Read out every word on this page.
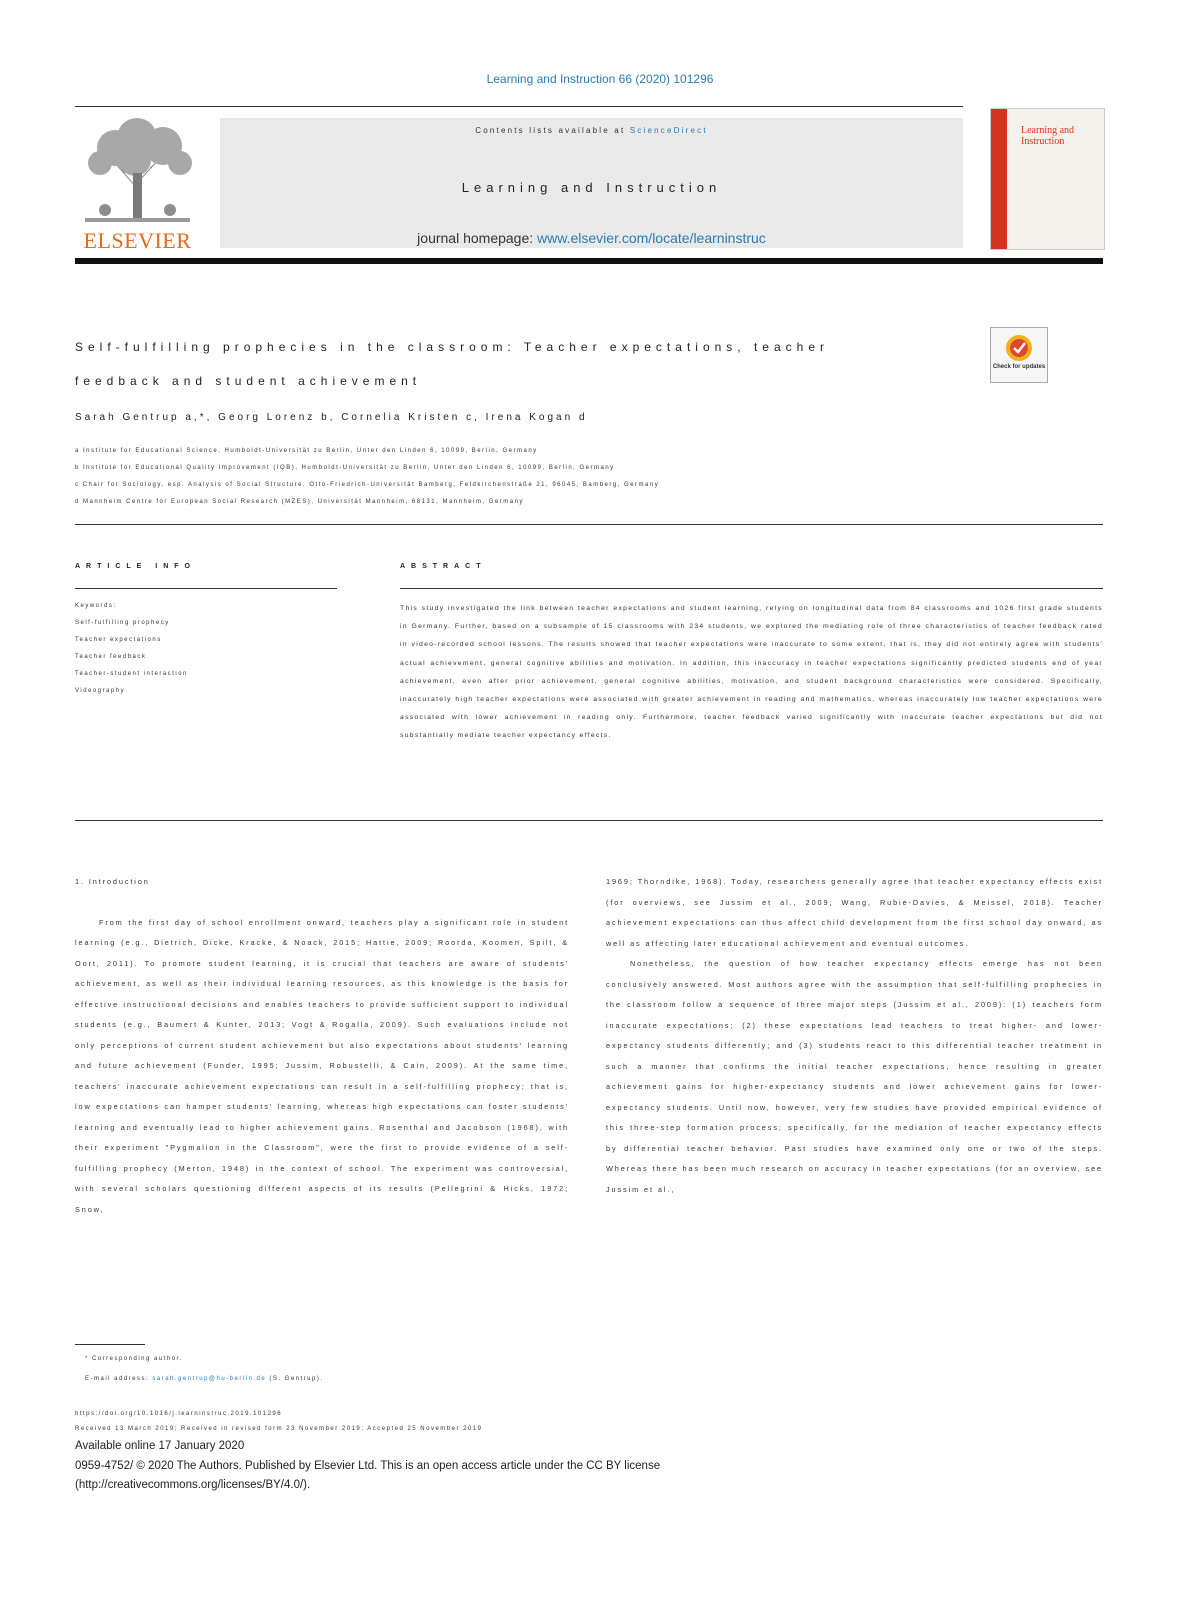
Learning and Instruction 66 (2020) 101296
ELSEVIER
Contents lists available at ScienceDirect
Learning and Instruction
journal homepage: www.elsevier.com/locate/learninstruc
Learning and Instruction
Self-fulfilling prophecies in the classroom: Teacher expectations, teacher
feedback and student achievement
Check for updates
Sarah Gentrup a,*, Georg Lorenz b, Cornelia Kristen c, Irena Kogan d
a Institute for Educational Science, Humboldt-Universität zu Berlin, Unter den Linden 6, 10099, Berlin, Germany
b Institute for Educational Quality Improvement (IQB), Humboldt-Universität zu Berlin, Unter den Linden 6, 10099, Berlin, Germany
c Chair for Sociology, esp. Analysis of Social Structure, Otto-Friedrich-Universität Bamberg, Feldkirchenstraße 21, 96045, Bamberg, Germany
d Mannheim Centre for European Social Research (MZES), Universität Mannheim, 68131, Mannheim, Germany
ARTICLE INFO
Keywords:
Self-fulfilling prophecy
Teacher expectations
Teacher feedback
Teacher-student interaction
Videography
ABSTRACT
This study investigated the link between teacher expectations and student learning, relying on longitudinal data from 84 classrooms and 1026 first grade students in Germany. Further, based on a subsample of 15 classrooms with 234 students, we explored the mediating role of three characteristics of teacher feedback rated in video-recorded school lessons. The results showed that teacher expectations were inaccurate to some extent, that is, they did not entirely agree with students' actual achievement, general cognitive abilities and motivation. In addition, this inaccuracy in teacher expectations significantly predicted students end of year achievement, even after prior achievement, general cognitive abilities, motivation, and student background characteristics were considered. Specifically, inaccurately high teacher expectations were associated with greater achievement in reading and mathematics, whereas inaccurately low teacher expectations were associated with lower achievement in reading only. Furthermore, teacher feedback varied significantly with inaccurate teacher expectations but did not substantially mediate teacher expectancy effects.

1. Introduction

From the first day of school enrollment onward, teachers play a significant role in student learning (e.g., Dietrich, Dicke, Kracke, & Noack, 2015; Hattie, 2009; Roorda, Koomen, Spilt, & Oort, 2011). To promote student learning, it is crucial that teachers are aware of students' achievement, as well as their individual learning resources, as this knowledge is the basis for effective instructional decisions and enables teachers to provide sufficient support to individual students (e.g., Baumert & Kunter, 2013; Vogt & Rogalla, 2009). Such evaluations include not only perceptions of current student achievement but also expectations about students' learning and future achievement (Funder, 1995; Jussim, Robustelli, & Cain, 2009). At the same time, teachers' inaccurate achievement expectations can result in a self-fulfilling prophecy; that is, low expectations can hamper students' learning, whereas high expectations can foster students' learning and eventually lead to higher achievement gains. Rosenthal and Jacobson (1968), with their experiment "Pygmalion in the Classroom", were the first to provide evidence of a self-fulfilling prophecy (Merton, 1948) in the context of school. The experiment was controversial, with several scholars questioning different aspects of its results (Pellegrini & Hicks, 1972; Snow,

1969; Thorndike, 1968). Today, researchers generally agree that teacher expectancy effects exist (for overviews, see Jussim et al., 2009; Wang, Rubie-Davies, & Meissel, 2018). Teacher achievement expectations can thus affect child development from the first school day onward, as well as affecting later educational achievement and eventual outcomes.

Nonetheless, the question of how teacher expectancy effects emerge has not been conclusively answered. Most authors agree with the assumption that self-fulfilling prophecies in the classroom follow a sequence of three major steps (Jussim et al., 2009): (1) teachers form inaccurate expectations; (2) these expectations lead teachers to treat higher- and lower-expectancy students differently; and (3) students react to this differential teacher treatment in such a manner that confirms the initial teacher expectations, hence resulting in greater achievement gains for higher-expectancy students and lower achievement gains for lower-expectancy students. Until now, however, very few studies have provided empirical evidence of this three-step formation process; specifically, for the mediation of teacher expectancy effects by differential teacher behavior. Past studies have examined only one or two of the steps. Whereas there has been much research on accuracy in teacher expectations (for an overview, see Jussim et al.,

* Corresponding author.
E-mail address: sarah.gentrup@hu-berlin.de (S. Gentrup).
https://doi.org/10.1016/j.learninstruc.2019.101296
Received 13 March 2019; Received in revised form 23 November 2019; Accepted 25 November 2019
Available online 17 January 2020
0959-4752/ © 2020 The Authors. Published by Elsevier Ltd. This is an open access article under the CC BY license
(http://creativecommons.org/licenses/BY/4.0/).
